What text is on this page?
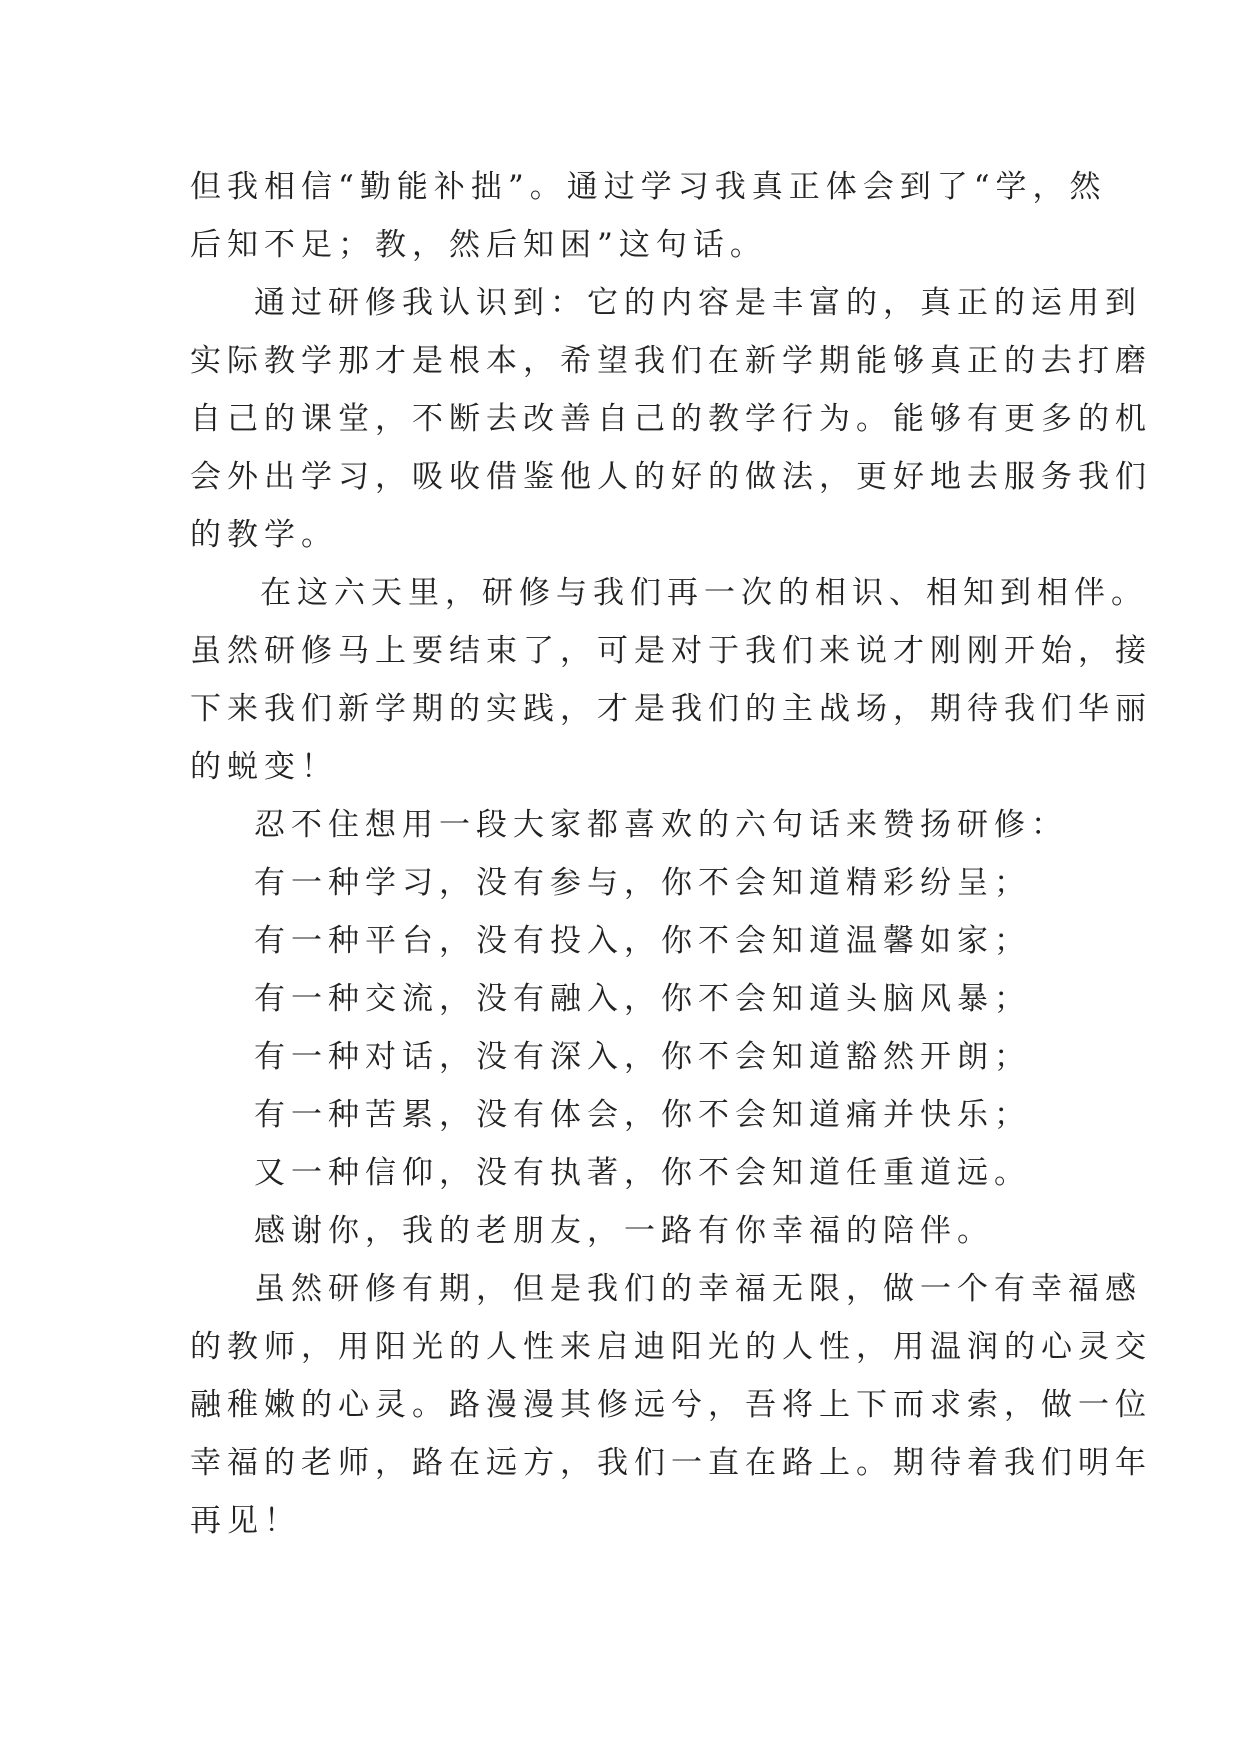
但我相信“勤能补拙”。通过学习我真正体会到了“学，然
后知不足；教，然后知困”这句话。
通过研修我认识到：它的内容是丰富的，真正的运用到
实际教学那才是根本，希望我们在新学期能够真正的去打磨
自己的课堂，不断去改善自己的教学行为。能够有更多的机
会外出学习，吸收借鉴他人的好的做法，更好地去服务我们
的教学。
在这六天里，研修与我们再一次的相识、相知到相伴。
虽然研修马上要结束了，可是对于我们来说才刚刚开始，接
下来我们新学期的实践，才是我们的主战场，期待我们华丽
的蜕变！
忍不住想用一段大家都喜欢的六句话来赞扬研修：
有一种学习，没有参与，你不会知道精彩纷呈；
有一种平台，没有投入，你不会知道温馨如家；
有一种交流，没有融入，你不会知道头脑风暴；
有一种对话，没有深入，你不会知道豁然开朗；
有一种苦累，没有体会，你不会知道痛并快乐；
又一种信仰，没有执著，你不会知道任重道远。
感谢你，我的老朋友，一路有你幸福的陪伴。
虽然研修有期，但是我们的幸福无限，做一个有幸福感
的教师，用阳光的人性来启迪阳光的人性，用温润的心灵交
融稚嫩的心灵。路漫漫其修远兮，吾将上下而求索，做一位
幸福的老师，路在远方，我们一直在路上。期待着我们明年
再见！
